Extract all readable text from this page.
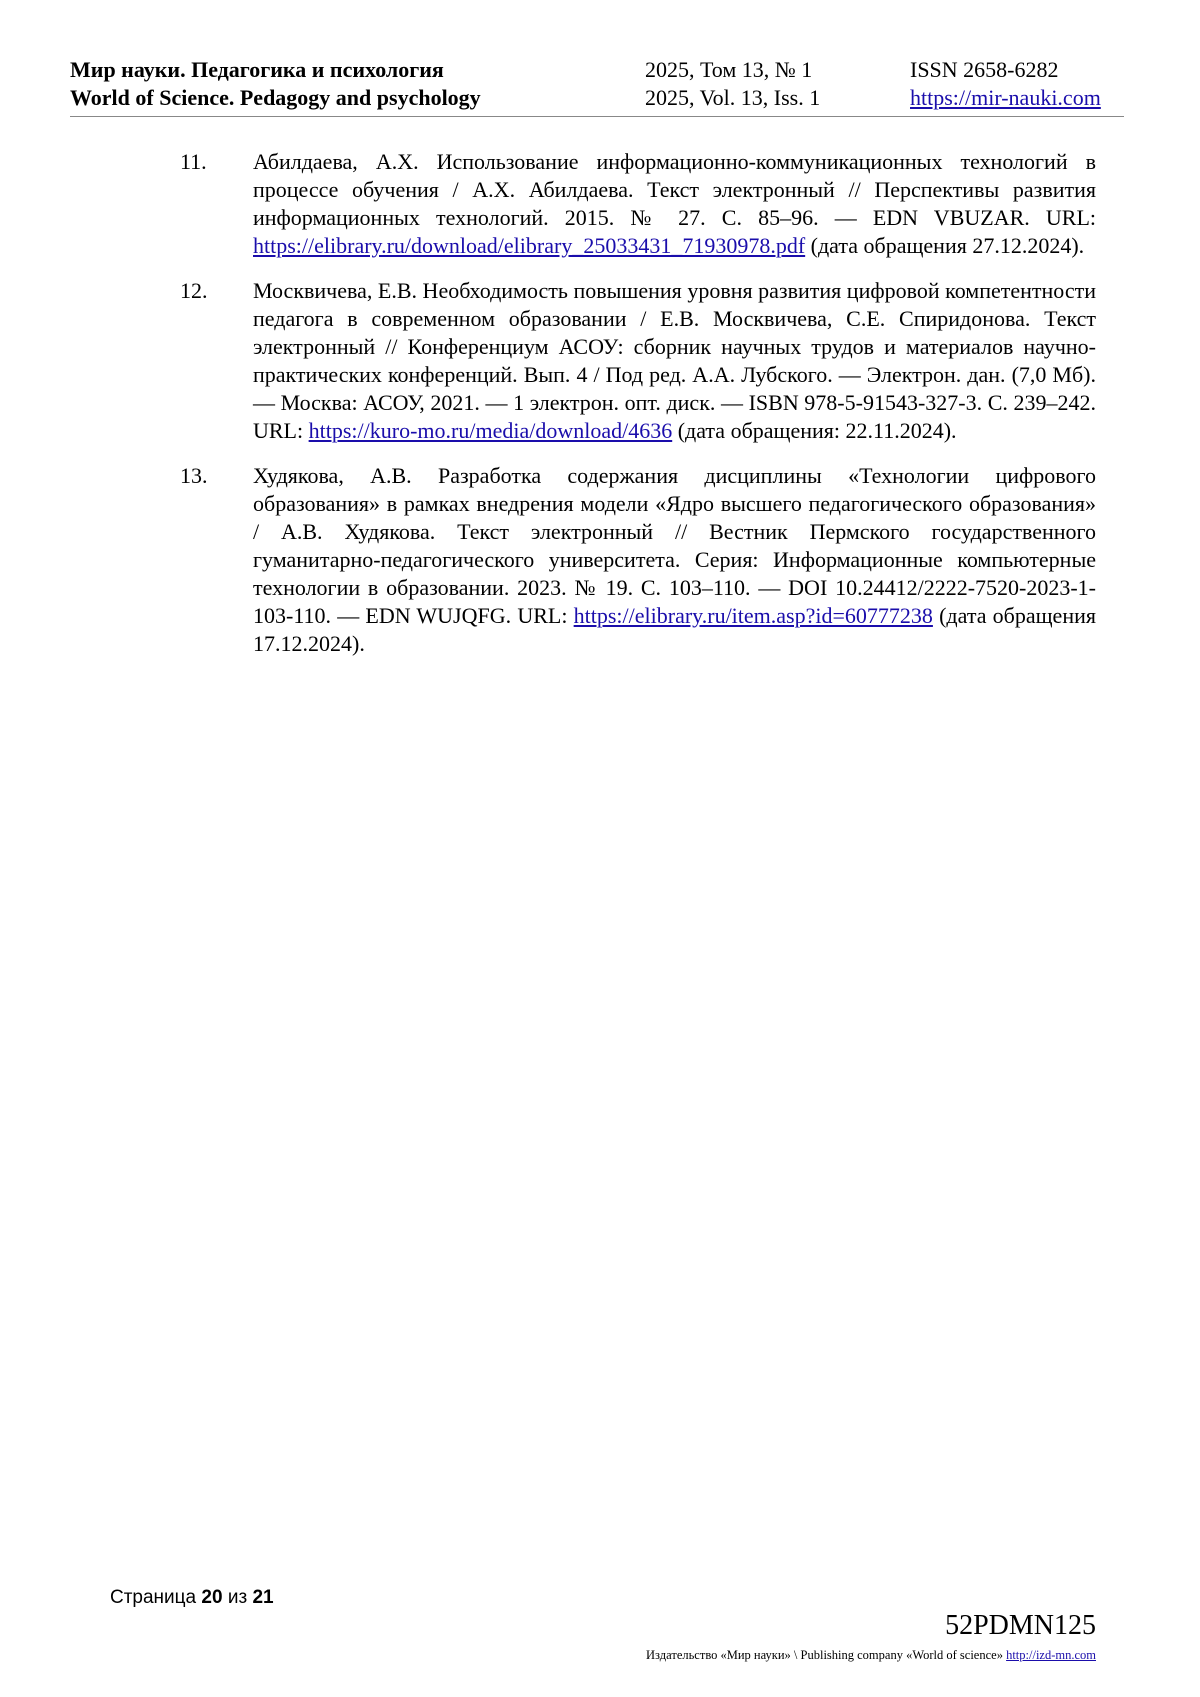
Мир науки. Педагогика и психология	2025, Том 13, № 1	ISSN 2658-6282
World of Science. Pedagogy and psychology	2025, Vol. 13, Iss. 1	https://mir-nauki.com
11.	Абилдаева, А.Х. Использование информационно-коммуникационных технологий в процессе обучения / А.Х. Абилдаева. Текст электронный // Перспективы развития информационных технологий. 2015. № 27. С. 85–96. — EDN VBUZAR. URL: https://elibrary.ru/download/elibrary_25033431_71930978.pdf (дата обращения 27.12.2024).
12.	Москвичева, Е.В. Необходимость повышения уровня развития цифровой компетентности педагога в современном образовании / Е.В. Москвичева, С.Е. Спиридонова. Текст электронный // Конференциум АСОУ: сборник научных трудов и материалов научно-практических конференций. Вып. 4 / Под ред. А.А. Лубского. — Электрон. дан. (7,0 Мб). — Москва: АСОУ, 2021. — 1 электрон. опт. диск. — ISBN 978-5-91543-327-3. С. 239–242. URL: https://kuro-mo.ru/media/download/4636 (дата обращения: 22.11.2024).
13.	Худякова, А.В. Разработка содержания дисциплины «Технологии цифрового образования» в рамках внедрения модели «Ядро высшего педагогического образования» / А.В. Худякова. Текст электронный // Вестник Пермского государственного гуманитарно-педагогического университета. Серия: Информационные компьютерные технологии в образовании. 2023. № 19. С. 103–110. — DOI 10.24412/2222-7520-2023-1-103-110. — EDN WUJQFG. URL: https://elibrary.ru/item.asp?id=60777238 (дата обращения 17.12.2024).
Страница 20 из 21
52PDMN125
Издательство «Мир науки» \ Publishing company «World of science» http://izd-mn.com
